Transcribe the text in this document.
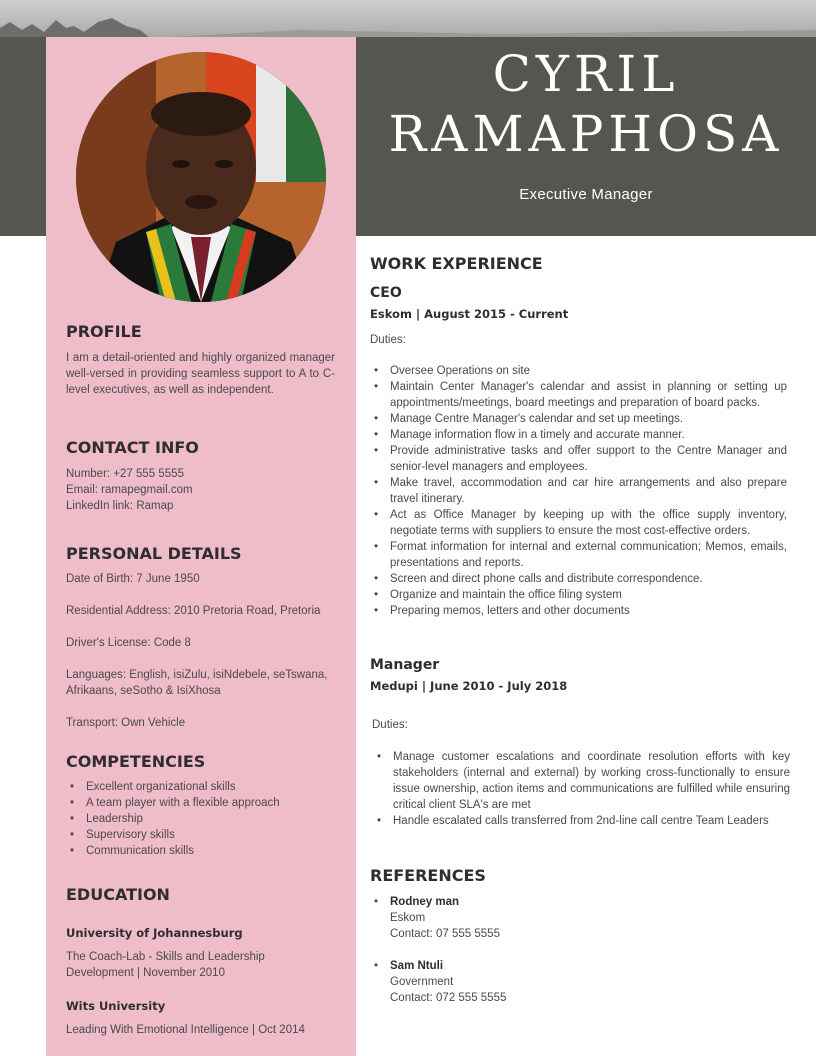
CYRIL
RAMAPHOSA
Executive Manager
PROFILE
I am a detail-oriented and highly organized manager well-versed in providing seamless support to A to C-level executives, as well as independent.
CONTACT INFO
Number: +27 555 5555
Email: ramapegmail.com
LinkedIn link: Ramap
PERSONAL DETAILS
Date of Birth: 7 June 1950
Residential Address: 2010 Pretoria Road, Pretoria
Driver's License: Code 8
Languages: English, isiZulu, isiNdebele, seTswana, Afrikaans, seSotho & IsiXhosa
Transport: Own Vehicle
COMPETENCIES
• Excellent organizational skills
• A team player with a flexible approach
• Leadership
• Supervisory skills
• Communication skills
EDUCATION
University of Johannesburg
The Coach-Lab - Skills and Leadership Development | November 2010
Wits University
Leading With Emotional Intelligence | Oct 2014
WORK EXPERIENCE
CEO
Eskom | August 2015 - Current
Duties:
• Oversee Operations on site
• Maintain Center Manager's calendar and assist in planning or setting up appointments/meetings, board meetings and preparation of board packs.
• Manage Centre Manager's calendar and set up meetings.
• Manage information flow in a timely and accurate manner.
• Provide administrative tasks and offer support to the Centre Manager and senior-level managers and employees.
• Make travel, accommodation and car hire arrangements and also prepare travel itinerary.
• Act as Office Manager by keeping up with the office supply inventory, negotiate terms with suppliers to ensure the most cost-effective orders.
• Format information for internal and external communication; Memos, emails, presentations and reports.
• Screen and direct phone calls and distribute correspondence.
• Organize and maintain the office filing system
• Preparing memos, letters and other documents
Manager
Medupi | June 2010 - July 2018
Duties:
• Manage customer escalations and coordinate resolution efforts with key stakeholders (internal and external) by working cross-functionally to ensure issue ownership, action items and communications are fulfilled while ensuring critical client SLA's are met
• Handle escalated calls transferred from 2nd-line call centre Team Leaders
REFERENCES
Rodney man
Eskom
Contact: 07 555 5555
•
Sam Ntuli
Government
Contact: 072 555 5555
•
